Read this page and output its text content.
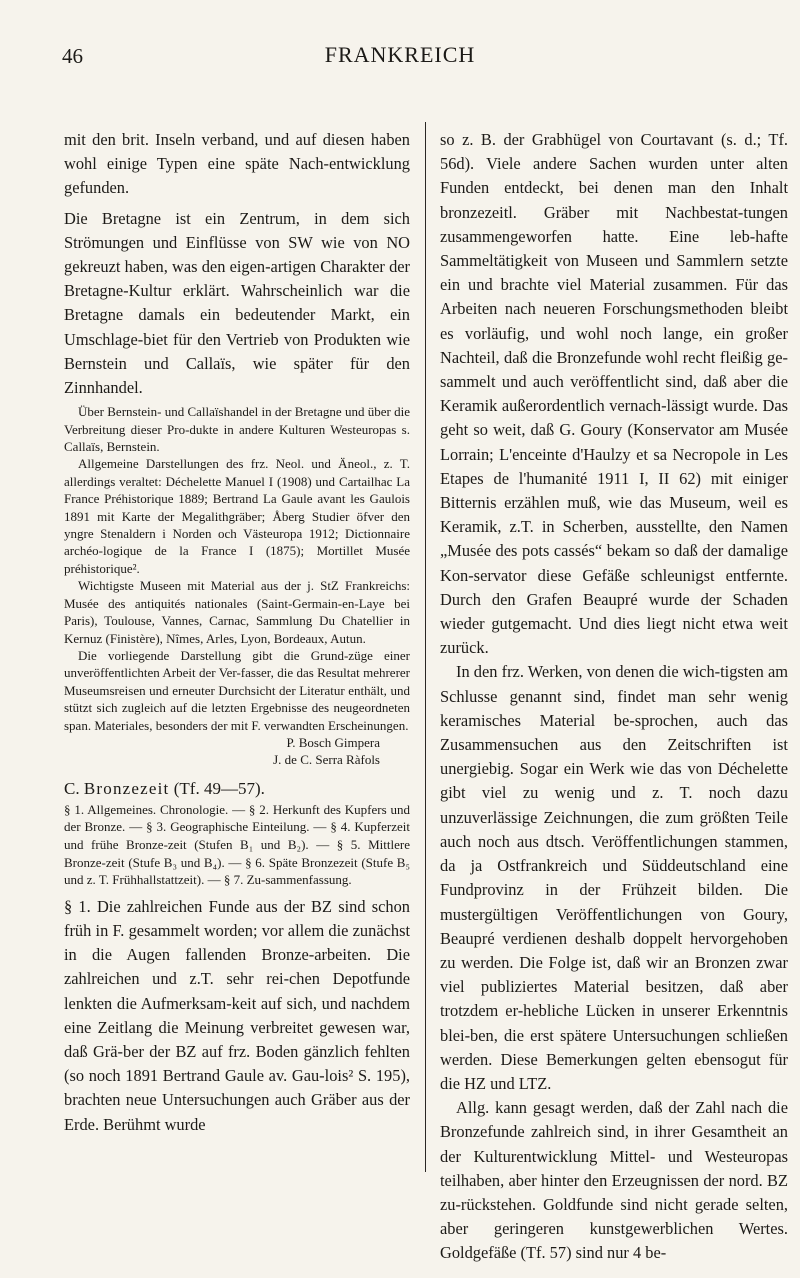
46	FRANKREICH

mit den brit. Inseln verband, und auf diesen haben wohl einige Typen eine späte Nach-entwicklung gefunden.

Die Bretagne ist ein Zentrum, in dem sich Strömungen und Einflüsse von SW wie von NO gekreuzt haben, was den eigen-artigen Charakter der Bretagne-Kultur erklärt. Wahrscheinlich war die Bretagne damals ein bedeutender Markt, ein Umschlage-biet für den Vertrieb von Produkten wie Bernstein und Callaïs, wie später für den Zinnhandel.

Über Bernstein- und Callaïshandel in der Bretagne und über die Verbreitung dieser Pro-dukte in andere Kulturen Westeuropas s. Callaïs, Bernstein.

Allgemeine Darstellungen des frz. Neol. und Äneol., z. T. allerdings veraltet: Déchelette Manuel I (1908) und Cartailhac La France Préhistorique 1889; Bertrand La Gaule avant les Gaulois 1891 mit Karte der Megalithgräber; Åberg Studier öfver den yngre Stenaldern i Norden och Västeuropa 1912; Dictionnaire archéo-logique de la France I (1875); Mortillet Musée préhistorique².

Wichtigste Museen mit Material aus der j. StZ Frankreichs: Musée des antiquités nationales (Saint-Germain-en-Laye bei Paris), Toulouse, Vannes, Carnac, Sammlung Du Chatellier in Kernuz (Finistère), Nîmes, Arles, Lyon, Bordeaux, Autun.

Die vorliegende Darstellung gibt die Grund-züge einer unveröffentlichten Arbeit der Ver-fasser, die das Resultat mehrerer Museumsreisen und erneuter Durchsicht der Literatur enthält, und stützt sich zugleich auf die letzten Ergebnisse des neugeordneten span. Materiales, besonders der mit F. verwandten Erscheinungen.

P. Bosch Gimpera
J. de C. Serra Ràfols
C. Bronzezeit (Tf. 49—57).

§ 1. Allgemeines. Chronologie. — § 2. Herkunft des Kupfers und der Bronze. — § 3. Geographische Einteilung. — § 4. Kupferzeit und frühe Bronze-zeit (Stufen B₁ und B₂). — § 5. Mittlere Bronze-zeit (Stufe B₃ und B₄). — § 6. Späte Bronzezeit (Stufe B₅ und z. T. Frühhallstattzeit). — § 7. Zu-sammenfassung.

§ 1. Die zahlreichen Funde aus der BZ sind schon früh in F. gesammelt worden; vor allem die zunächst in die Augen fallenden Bronze-arbeiten. Die zahlreichen und z.T. sehr rei-chen Depotfunde lenkten die Aufmerksam-keit auf sich, und nachdem eine Zeitlang die Meinung verbreitet gewesen war, daß Grä-ber der BZ auf frz. Boden gänzlich fehlten (so noch 1891 Bertrand Gaule av. Gau-lois² S. 195), brachten neue Untersuchungen auch Gräber aus der Erde. Berühmt wurde

so z. B. der Grabhügel von Courtavant (s. d.; Tf. 56d). Viele andere Sachen wurden unter alten Funden entdeckt, bei denen man den Inhalt bronzezeitl. Gräber mit Nachbestat-tungen zusammengeworfen hatte. Eine leb-hafte Sammeltätigkeit von Museen und Sammlern setzte ein und brachte viel Material zusammen. Für das Arbeiten nach neueren Forschungsmethoden bleibt es vorläufig, und wohl noch lange, ein großer Nachteil, daß die Bronzefunde wohl recht fleißig ge-sammelt und auch veröffentlicht sind, daß aber die Keramik außerordentlich vernach-lässigt wurde. Das geht so weit, daß G. Goury (Konservator am Musée Lorrain; L'enceinte d'Haulzy et sa Necropole in Les Etapes de l'humanité 1911 I, II 62) mit einiger Bitternis erzählen muß, wie das Museum, weil es Keramik, z.T. in Scherben, ausstellte, den Namen „Musée des pots cassés“ bekam so daß der damalige Kon-servator diese Gefäße schleunigst entfernte. Durch den Grafen Beaupré wurde der Schaden wieder gutgemacht. Und dies liegt nicht etwa weit zurück.

In den frz. Werken, von denen die wich-tigsten am Schlusse genannt sind, findet man sehr wenig keramisches Material be-sprochen, auch das Zusammensuchen aus den Zeitschriften ist unergiebig. Sogar ein Werk wie das von Déchelette gibt viel zu wenig und z. T. noch dazu unzuverlässige Zeichnungen, die zum größten Teile auch noch aus dtsch. Veröffentlichungen stammen, da ja Ostfrankreich und Süddeutschland eine Fundprovinz in der Frühzeit bilden. Die mustergültigen Veröffentlichungen von Goury, Beaupré verdienen deshalb doppelt hervorgehoben zu werden. Die Folge ist, daß wir an Bronzen zwar viel publiziertes Material besitzen, daß aber trotzdem er-hebliche Lücken in unserer Erkenntnis blei-ben, die erst spätere Untersuchungen schließen werden. Diese Bemerkungen gelten ebensogut für die HZ und LTZ.

Allg. kann gesagt werden, daß der Zahl nach die Bronzefunde zahlreich sind, in ihrer Gesamtheit an der Kulturentwicklung Mittel- und Westeuropas teilhaben, aber hinter den Erzeugnissen der nord. BZ zu-rückstehen. Goldfunde sind nicht gerade selten, aber geringeren kunstgewerblichen Wertes. Goldgefäße (Tf. 57) sind nur 4 be-
